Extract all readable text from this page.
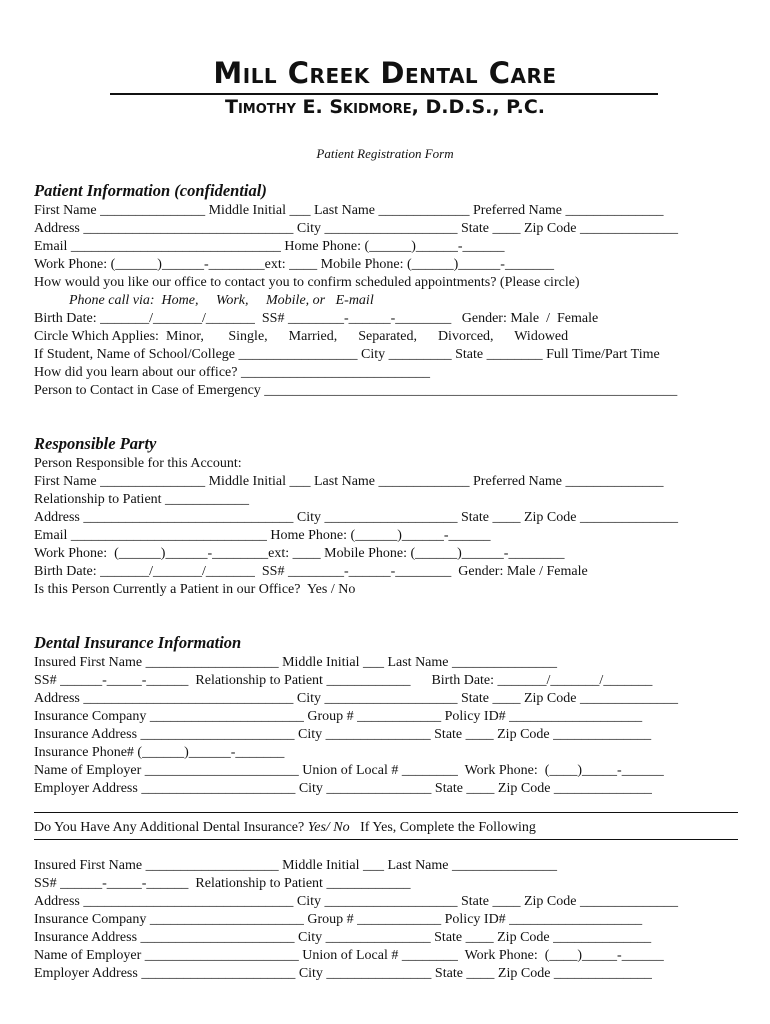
Mill Creek Dental Care
Timothy E. Skidmore, D.D.S., P.C.
Patient Registration Form
Patient Information (confidential)
First Name _______________ Middle Initial ___ Last Name _____________ Preferred Name ______________
Address ______________________________ City ___________________ State ____ Zip Code ______________
Email ______________________________ Home Phone: (______)______-______
Work Phone: (______)______-________ext: ____ Mobile Phone: (______)______-_______
How would you like our office to contact you to confirm scheduled appointments? (Please circle)
Phone call via:  Home,     Work,     Mobile, or   E-mail
Birth Date: _______/_______/_______  SS# ________-______-________   Gender: Male  /  Female
Circle Which Applies:  Minor,       Single,      Married,      Separated,      Divorced,      Widowed
If Student, Name of School/College _________________ City _________ State ________ Full Time/Part Time
How did you learn about our office? ___________________________
Person to Contact in Case of Emergency ___________________________________________________________
Responsible Party
Person Responsible for this Account:
First Name _______________ Middle Initial ___ Last Name _____________ Preferred Name ______________
Relationship to Patient ____________
Address ______________________________ City ___________________ State ____ Zip Code ______________
Email ____________________________ Home Phone: (______)______-______
Work Phone:  (______)______-________ext: ____ Mobile Phone: (______)______-________
Birth Date: _______/_______/_______  SS# ________-______-________  Gender: Male / Female
Is this Person Currently a Patient in our Office?  Yes / No
Dental Insurance Information
Insured First Name ___________________ Middle Initial ___ Last Name _______________
SS# ______-_____-______  Relationship to Patient ____________      Birth Date: _______/_______/_______
Address ______________________________ City ___________________ State ____ Zip Code ______________
Insurance Company ______________________ Group # ____________ Policy ID# ___________________
Insurance Address ______________________ City _______________ State ____ Zip Code ______________
Insurance Phone# (______)______-_______
Name of Employer ______________________ Union of Local # ________  Work Phone:  (____)_____-______
Employer Address ______________________ City _______________ State ____ Zip Code ______________
Do You Have Any Additional Dental Insurance? Yes/ No If Yes, Complete the Following
Insured First Name ___________________ Middle Initial ___ Last Name _______________
SS# ______-_____-______  Relationship to Patient ____________
Address ______________________________ City ___________________ State ____ Zip Code ______________
Insurance Company ______________________ Group # ____________ Policy ID# ___________________
Insurance Address ______________________ City _______________ State ____ Zip Code ______________
Name of Employer ______________________ Union of Local # ________  Work Phone:  (____)_____-______
Employer Address ______________________ City _______________ State ____ Zip Code ______________
